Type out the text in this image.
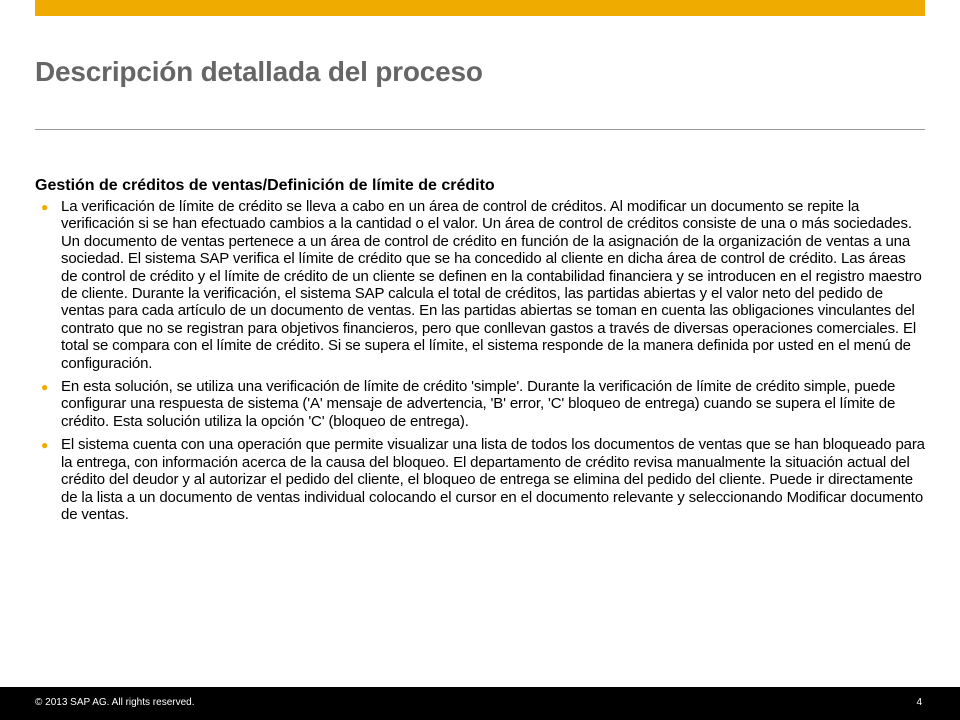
Descripción detallada del proceso
Gestión de créditos de ventas/Definición de límite de crédito
● La verificación de límite de crédito se lleva a cabo en un área de control de créditos. Al modificar un documento se repite la verificación si se han efectuado cambios a la cantidad o el valor. Un área de control de créditos consiste de una o más sociedades. Un documento de ventas pertenece a un área de control de crédito en función de la asignación de la organización de ventas a una sociedad. El sistema SAP verifica el límite de crédito que se ha concedido al cliente en dicha área de control de crédito. Las áreas de control de crédito y el límite de crédito de un cliente se definen en la contabilidad financiera y se introducen en el registro maestro de cliente. Durante la verificación, el sistema SAP calcula el total de créditos, las partidas abiertas y el valor neto del pedido de ventas para cada artículo de un documento de ventas. En las partidas abiertas se toman en cuenta las obligaciones vinculantes del contrato que no se registran para objetivos financieros, pero que conllevan gastos a través de diversas operaciones comerciales. El total se compara con el límite de crédito. Si se supera el límite, el sistema responde de la manera definida por usted en el menú de configuración.
● En esta solución, se utiliza una verificación de límite de crédito 'simple'. Durante la verificación de límite de crédito simple, puede configurar una respuesta de sistema ('A' mensaje de advertencia, 'B' error, 'C' bloqueo de entrega) cuando se supera el límite de crédito. Esta solución utiliza la opción 'C' (bloqueo de entrega).
● El sistema cuenta con una operación que permite visualizar una lista de todos los documentos de ventas que se han bloqueado para la entrega, con información acerca de la causa del bloqueo. El departamento de crédito revisa manualmente la situación actual del crédito del deudor y al autorizar el pedido del cliente, el bloqueo de entrega se elimina del pedido del cliente. Puede ir directamente de la lista a un documento de ventas individual colocando el cursor en el documento relevante y seleccionando Modificar documento de ventas.
© 2013 SAP AG. All rights reserved.	4
